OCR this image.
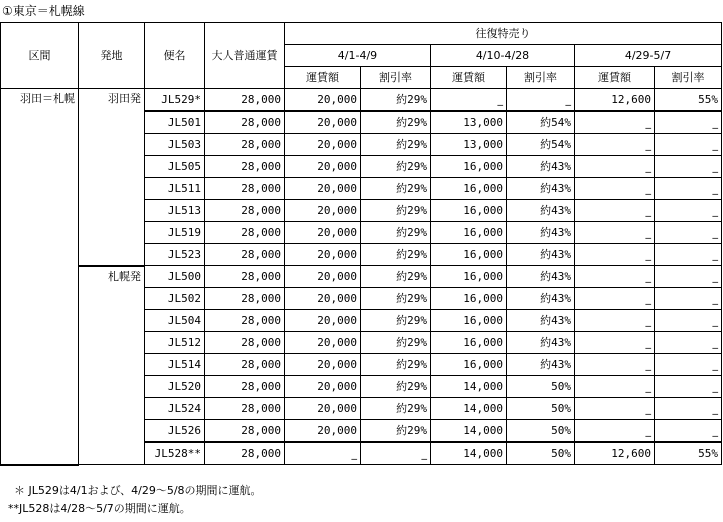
①東京＝札幌線
区間	発地	便名	大人普通運賃	往復特売り					
				4/1-4/9		4/10-4/28		4/29-5/7	
				運賃額	割引率	運賃額	割引率	運賃額	割引率
羽田＝札幌	羽田発	JL529*	28,000	20,000	約29%	_	_	12,600	55%
		JL501	28,000	20,000	約29%	13,000	約54%	_	_
		JL503	28,000	20,000	約29%	13,000	約54%	_	_
		JL505	28,000	20,000	約29%	16,000	約43%	_	_
		JL511	28,000	20,000	約29%	16,000	約43%	_	_
		JL513	28,000	20,000	約29%	16,000	約43%	_	_
		JL519	28,000	20,000	約29%	16,000	約43%	_	_
		JL523	28,000	20,000	約29%	16,000	約43%	_	_
	札幌発	JL500	28,000	20,000	約29%	16,000	約43%	_	_
		JL502	28,000	20,000	約29%	16,000	約43%	_	_
		JL504	28,000	20,000	約29%	16,000	約43%	_	_
		JL512	28,000	20,000	約29%	16,000	約43%	_	_
		JL514	28,000	20,000	約29%	16,000	約43%	_	_
		JL520	28,000	20,000	約29%	14,000	50%	_	_
		JL524	28,000	20,000	約29%	14,000	50%	_	_
		JL526	28,000	20,000	約29%	14,000	50%	_	_
		JL528**	28,000	_	_	14,000	50%	12,600	55%
＊ JL529は4/1および、4/29～5/8の期間に運航。
**JL528は4/28～5/7の期間に運航。
